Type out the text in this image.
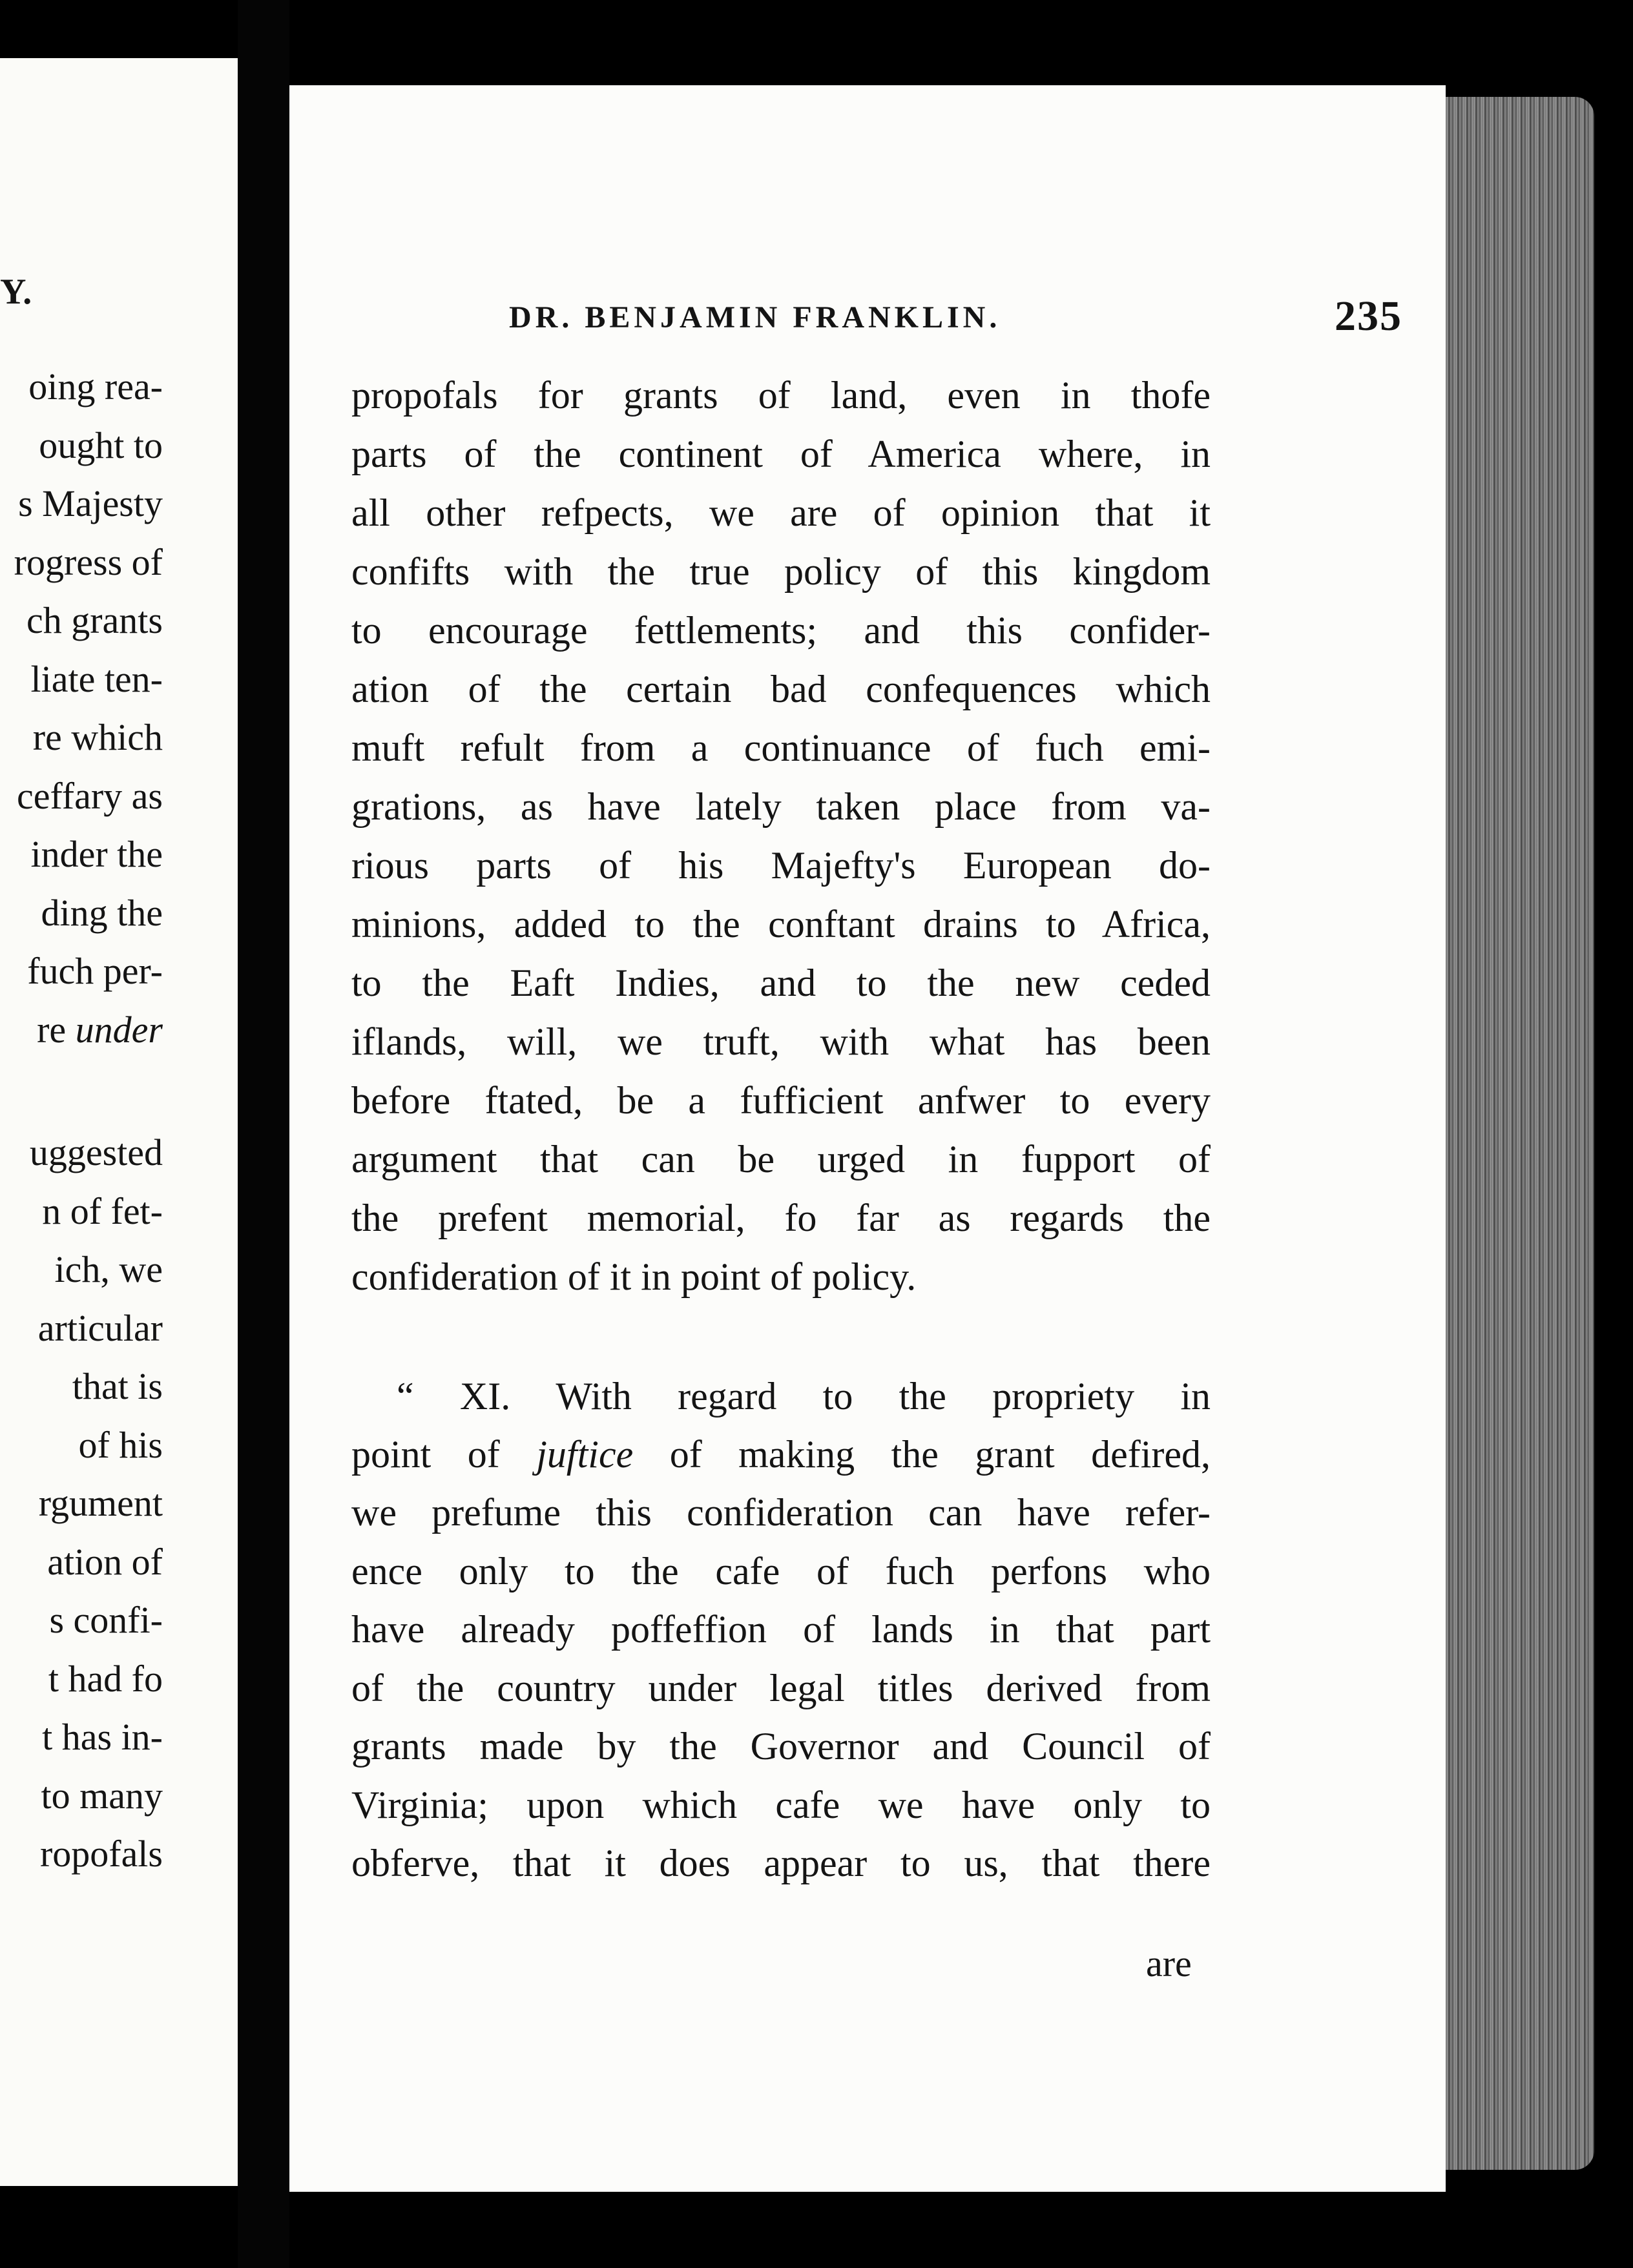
Y.
oing rea-
ought to
s Majesty
rogress of
ch grants
liate ten-
re which
ceffary as
inder the
ding the
fuch per-
re under
uggested
n of fet-
ich, we
articular
that is
of his
rgument
ation of
s confi-
t had fo
t has in-
to many
ropofals
DR. BENJAMIN FRANKLIN.	235
propofals for grants of land, even in thofe
parts of the continent of America where, in
all other refpects, we are of opinion that it
confifts with the true policy of this kingdom
to encourage fettlements; and this confider-
ation of the certain bad confequences which
muft refult from a continuance of fuch emi-
grations, as have lately taken place from va-
rious parts of his Majefty's European do-
minions, added to the conftant drains to Africa,
to the Eaft Indies, and to the new ceded
iflands, will, we truft, with what has been
before ftated, be a fufficient anfwer to every
argument that can be urged in fupport of
the prefent memorial, fo far as regards the
confideration of it in point of policy.
“ XI. With regard to the propriety in
point of juftice of making the grant defired,
we prefume this confideration can have refer-
ence only to the cafe of fuch perfons who
have already poffeffion of lands in that part
of the country under legal titles derived from
grants made by the Governor and Council of
Virginia; upon which cafe we have only to
obferve, that it does appear to us, that there
are
